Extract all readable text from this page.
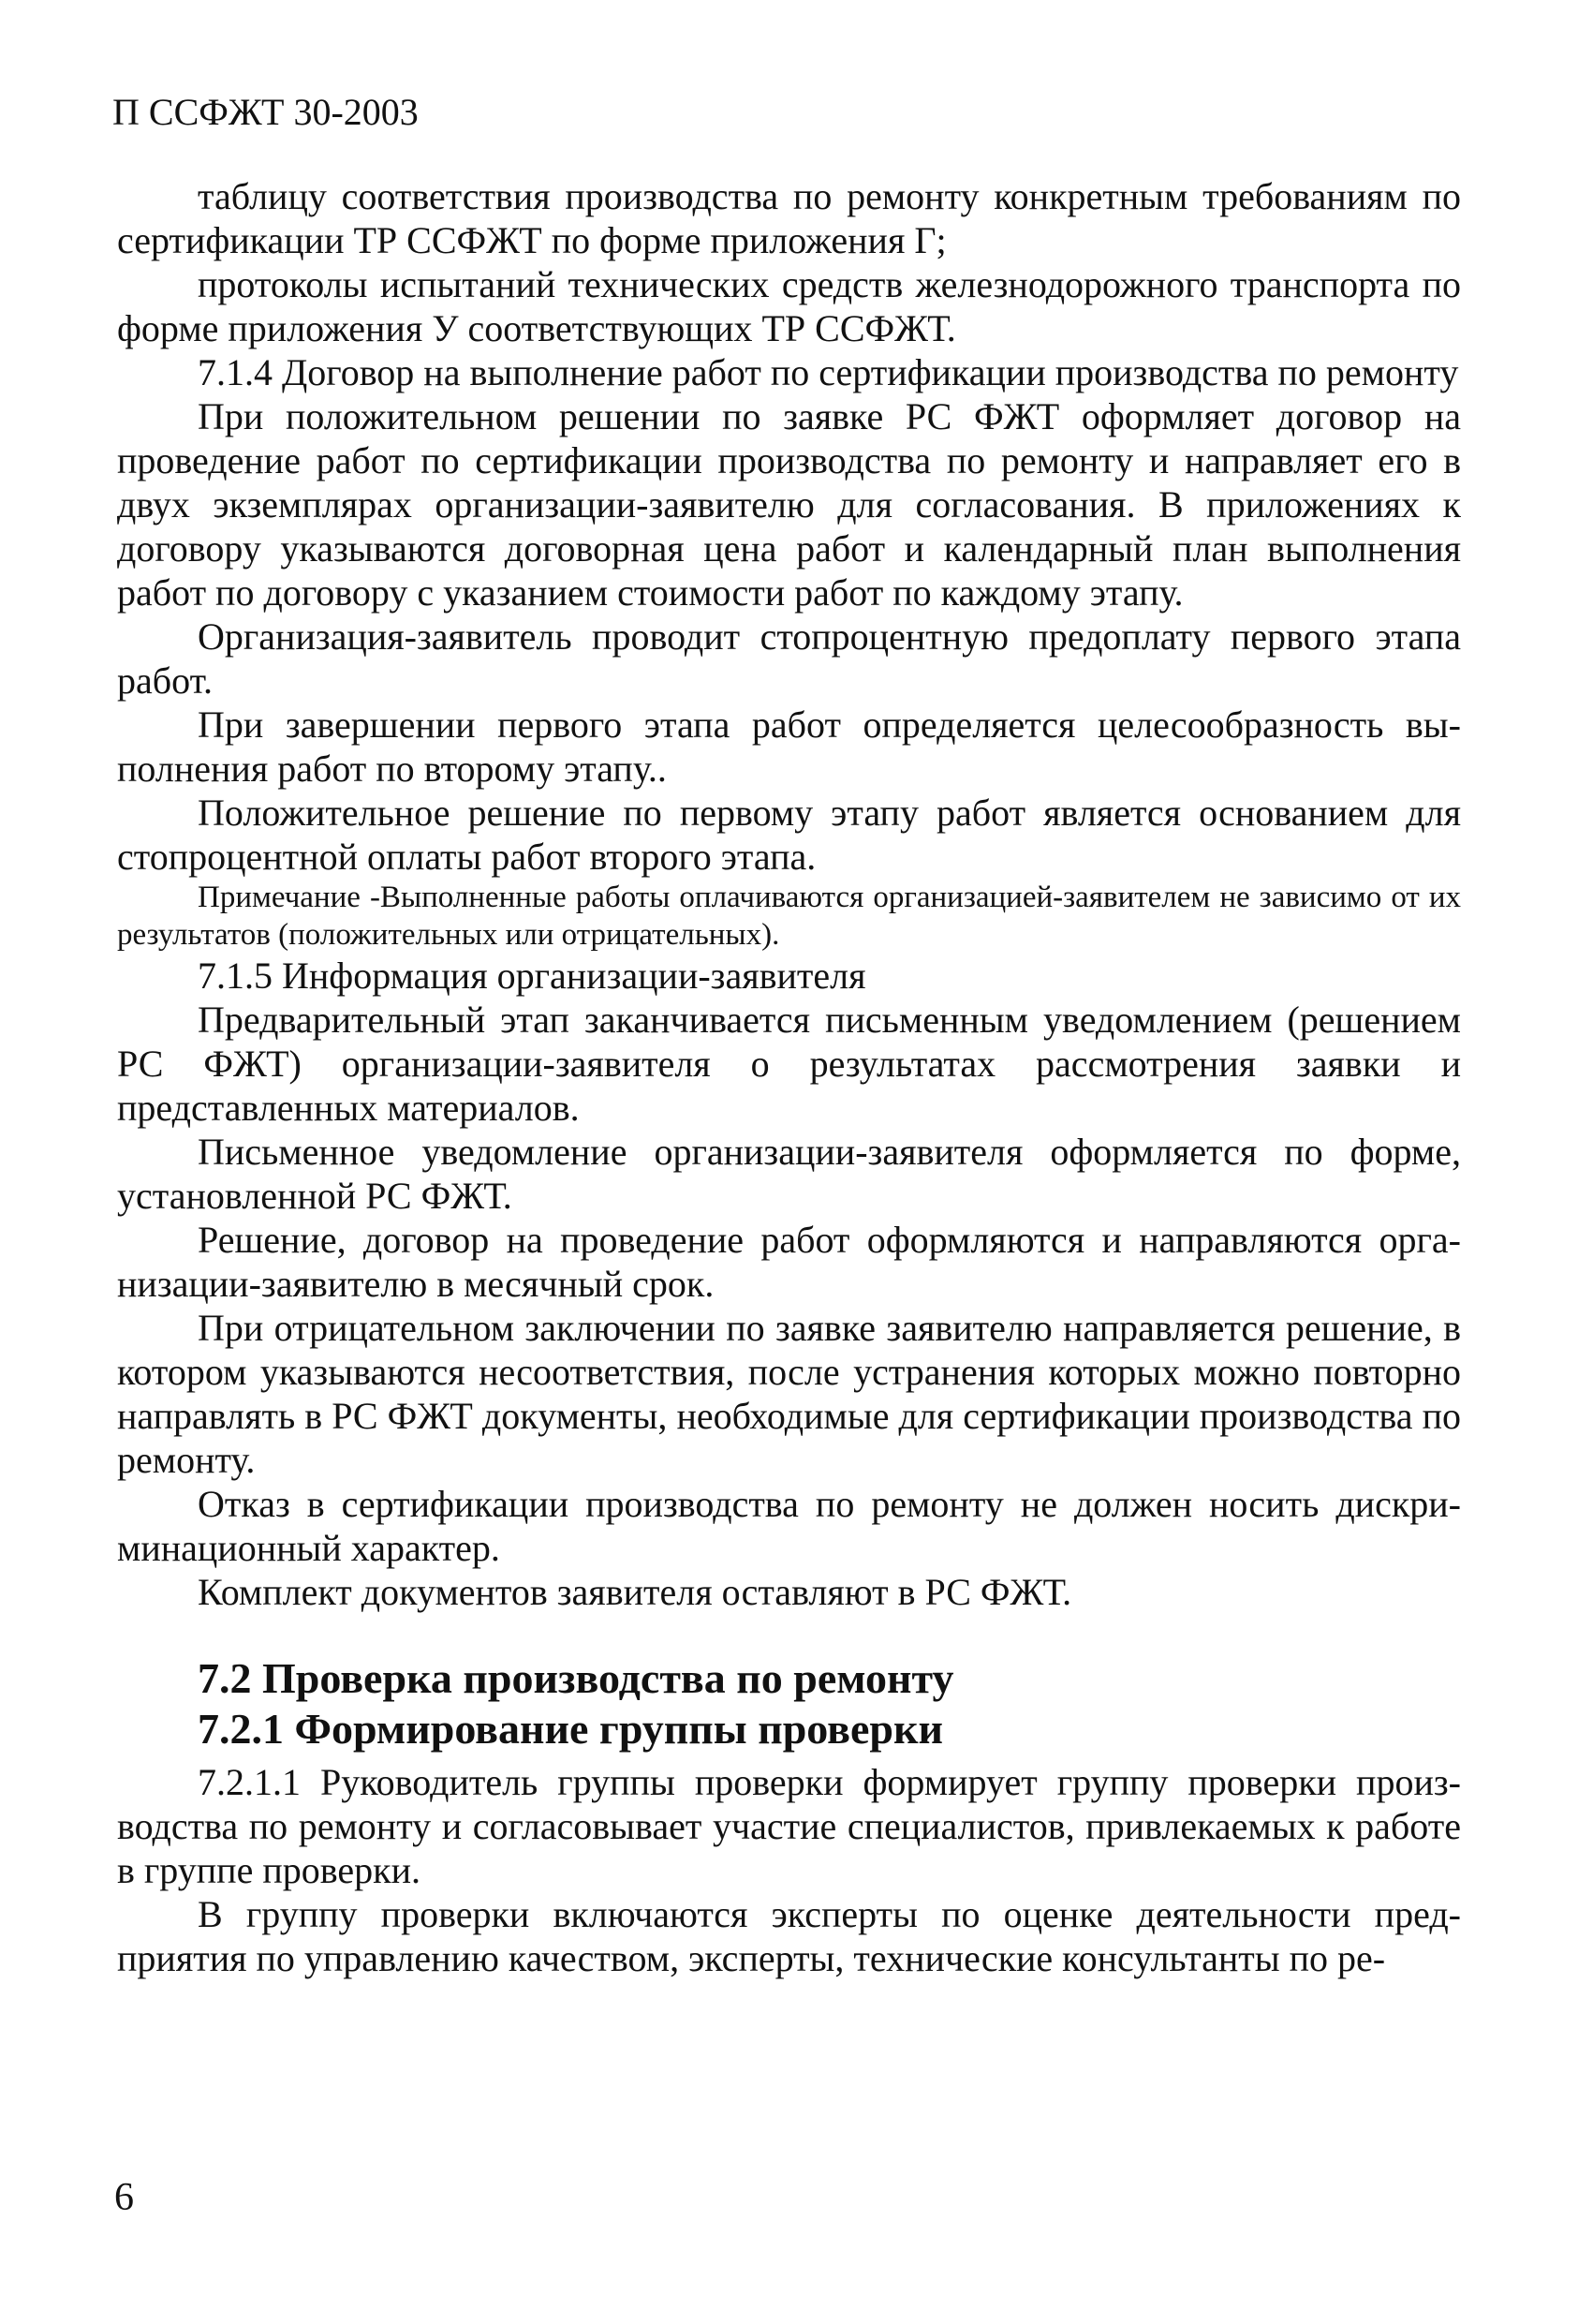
П ССФЖТ 30-2003

таблицу соответствия производства по ремонту конкретным требованиям по сертификации ТР ССФЖТ по форме приложения Г;

протоколы испытаний технических средств железнодорожного транспорта по форме приложения У соответствующих ТР ССФЖТ.

7.1.4 Договор на выполнение работ по сертификации производства по ремонту

При положительном решении по заявке РС ФЖТ оформляет договор на проведение работ по сертификации производства по ремонту и направляет его в двух экземплярах организации-заявителю для согласования. В приложениях к договору указываются договорная цена работ и календарный план выполнения работ по договору с указанием стоимости работ по каждому этапу.

Организация-заявитель проводит стопроцентную предоплату первого этапа работ.

При завершении первого этапа работ определяется целесообразность выполнения работ по второму этапу..

Положительное решение по первому этапу работ является основанием для стопроцентной оплаты работ второго этапа.

Примечание -Выполненные работы оплачиваются организацией-заявителем не зависимо от их результатов (положительных или отрицательных).

7.1.5 Информация организации-заявителя

Предварительный этап заканчивается письменным уведомлением (решением РС ФЖТ) организации-заявителя о результатах рассмотрения заявки и представленных материалов.

Письменное уведомление организации-заявителя оформляется по форме, установленной РС ФЖТ.

Решение, договор на проведение работ оформляются и направляются организации-заявителю в месячный срок.

При отрицательном заключении по заявке заявителю направляется решение, в котором указываются несоответствия, после устранения которых можно повторно направлять в РС ФЖТ документы, необходимые для сертификации производства по ремонту.

Отказ в сертификации производства по ремонту не должен носить дискриминационный характер.

Комплект документов заявителя оставляют в РС ФЖТ.

7.2 Проверка производства по ремонту
7.2.1 Формирование группы проверки

7.2.1.1 Руководитель группы проверки формирует группу проверки производства по ремонту и согласовывает участие специалистов, привлекаемых к работе в группе проверки.

В группу проверки включаются эксперты по оценке деятельности предприятия по управлению качеством, эксперты, технические консультанты по ре-

6
